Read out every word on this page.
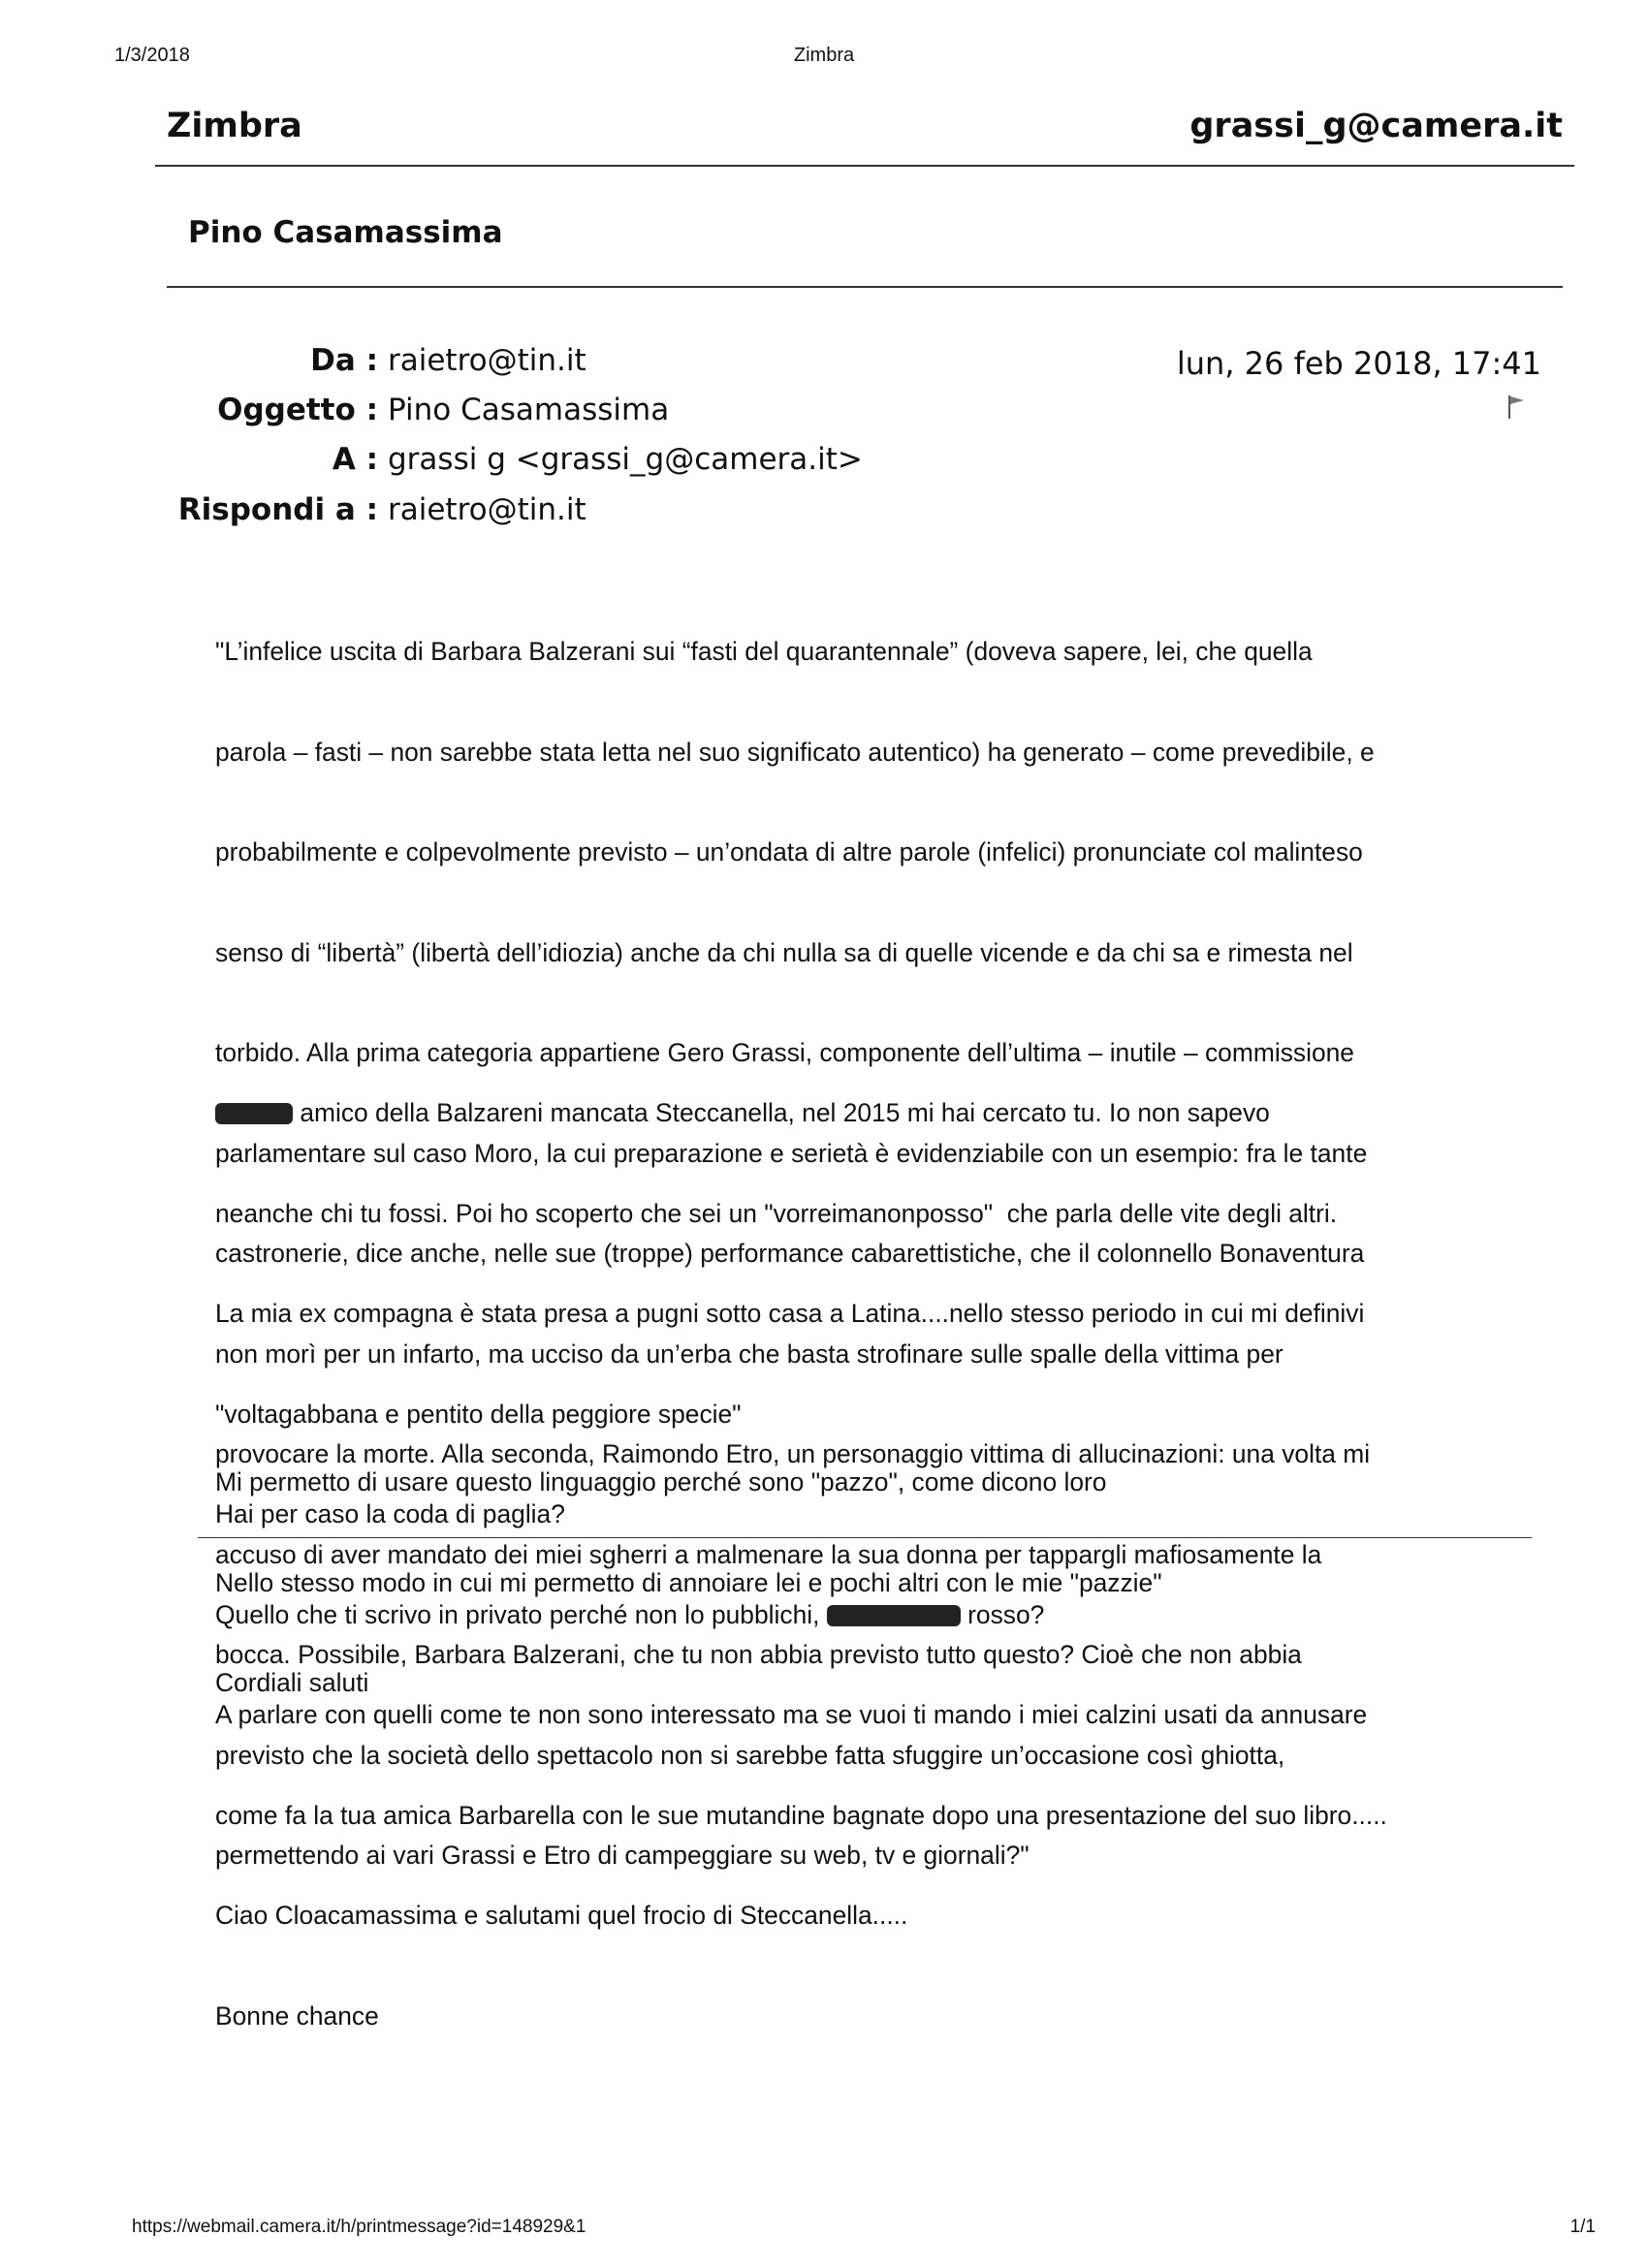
1/3/2018	Zimbra
Zimbra	grassi_g@camera.it
Pino Casamassima
Da : raietro@tin.it
Oggetto : Pino Casamassima
A : grassi g <grassi_g@camera.it>
Rispondi a : raietro@tin.it
lun, 26 feb 2018, 17:41

"L’infelice uscita di Barbara Balzerani sui “fasti del quarantennale” (doveva sapere, lei, che quella

parola – fasti – non sarebbe stata letta nel suo significato autentico) ha generato – come prevedibile, e

probabilmente e colpevolmente previsto – un’ondata di altre parole (infelici) pronunciate col malinteso

senso di “libertà” (libertà dell’idiozia) anche da chi nulla sa di quelle vicende e da chi sa e rimesta nel

torbido. Alla prima categoria appartiene Gero Grassi, componente dell’ultima – inutile – commissione

parlamentare sul caso Moro, la cui preparazione e serietà è evidenziabile con un esempio: fra le tante

castronerie, dice anche, nelle sue (troppe) performance cabarettistiche, che il colonnello Bonaventura

non morì per un infarto, ma ucciso da un’erba che basta strofinare sulle spalle della vittima per

provocare la morte. Alla seconda, Raimondo Etro, un personaggio vittima di allucinazioni: una volta mi

accuso di aver mandato dei miei sgherri a malmenare la sua donna per tappargli mafiosamente la

bocca. Possibile, Barbara Balzerani, che tu non abbia previsto tutto questo? Cioè che non abbia

previsto che la società dello spettacolo non si sarebbe fatta sfuggire un’occasione così ghiotta,

permettendo ai vari Grassi e Etro di campeggiare su web, tv e giornali?"

amico della Balzareni mancata Steccanella, nel 2015 mi hai cercato tu. Io non sapevo

neanche chi tu fossi. Poi ho scoperto che sei un "vorreimanonposso"  che parla delle vite degli altri.

La mia ex compagna è stata presa a pugni sotto casa a Latina....nello stesso periodo in cui mi definivi

"voltagabbana e pentito della peggiore specie"

Hai per caso la coda di paglia?

Quello che ti scrivo in privato perché non lo pubblichi,	rosso?

A parlare con quelli come te non sono interessato ma se vuoi ti mando i miei calzini usati da annusare

come fa la tua amica Barbarella con le sue mutandine bagnate dopo una presentazione del suo libro.....

Ciao Cloacamassima e salutami quel frocio di Steccanella.....

Bonne chance

Mi permetto di usare questo linguaggio perché sono "pazzo", come dicono loro

Nello stesso modo in cui mi permetto di annoiare lei e pochi altri con le mie "pazzie"

Cordiali saluti

https://webmail.camera.it/h/printmessage?id=148929&1	1/1
